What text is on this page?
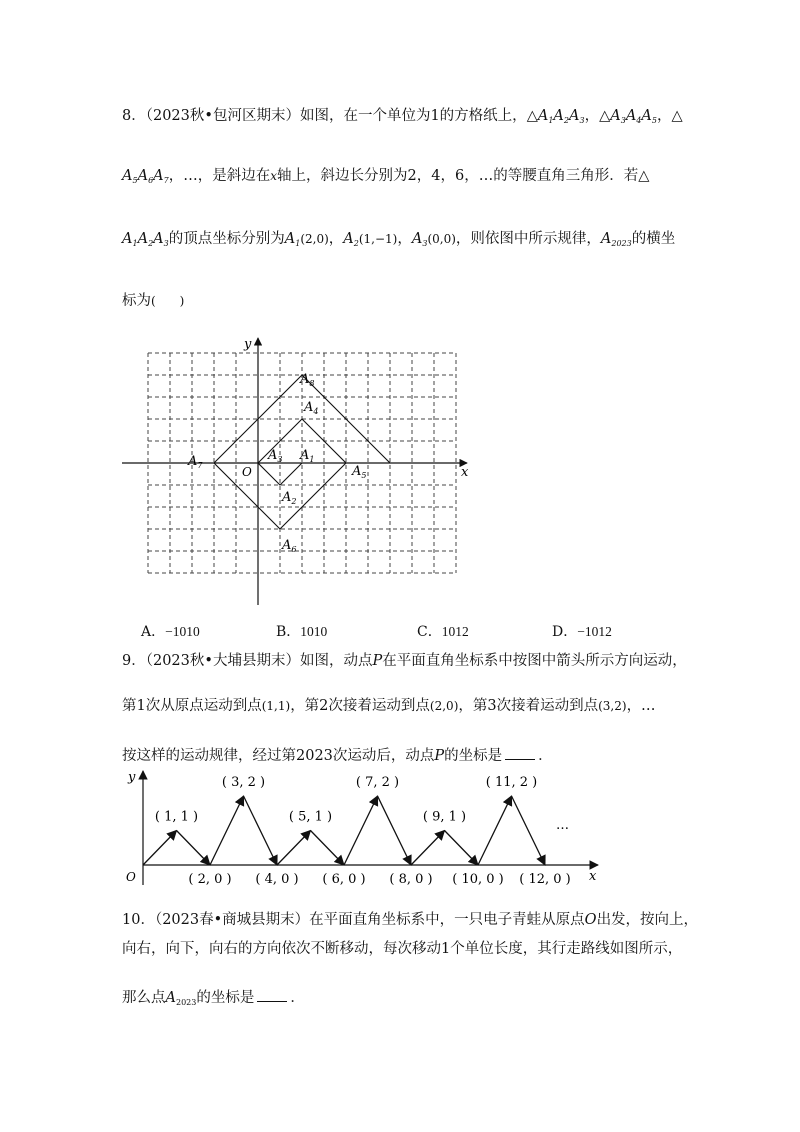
8．（2023秋•包河区期末）如图，在一个单位为1的方格纸上，$\triangle A_1A_2A_3$，$\triangle A_3A_4A_5$，△
$A_5A_6A_7$，…，是斜边在x轴上，斜边长分别为2，4，6，…的等腰直角三角形．若△
$A_1A_2A_3$的顶点坐标分别为$A_1(2,0)$，$A_2(1,-1)$，$A_3(0,0)$，则依图中所示规律，$A_{2023}$的横坐
标为(　　)
x
y
O
$A_1$
$A_2$
$A_3$
$A_4$
$A_5$
$A_6$
$A_7$
$A_8$
A．−1010	B．1010	C．1012	D．−1012
9．（2023秋•大埔县期末）如图，动点P在平面直角坐标系中按图中箭头所示方向运动，
第1次从原点运动到点(1,1)，第2次接着运动到点(2,0)，第3次接着运动到点(3,2)，…
按这样的运动规律，经过第2023次运动后，动点P的坐标是 ．
x
y
O
…
( 1, 1 )
( 2, 0 )
( 3, 2 )
( 4, 0 )
( 5, 1 )
( 6, 0 )
( 7, 2 )
( 8, 0 )
( 9, 1 )
( 10, 0 )
( 11, 2 )
( 12, 0 )
10．（2023春•商城县期末）在平面直角坐标系中，一只电子青蛙从原点O出发，按向上，
向右，向下，向右的方向依次不断移动，每次移动1个单位长度，其行走路线如图所示，
那么点$A_{2023}$的坐标是 ．
